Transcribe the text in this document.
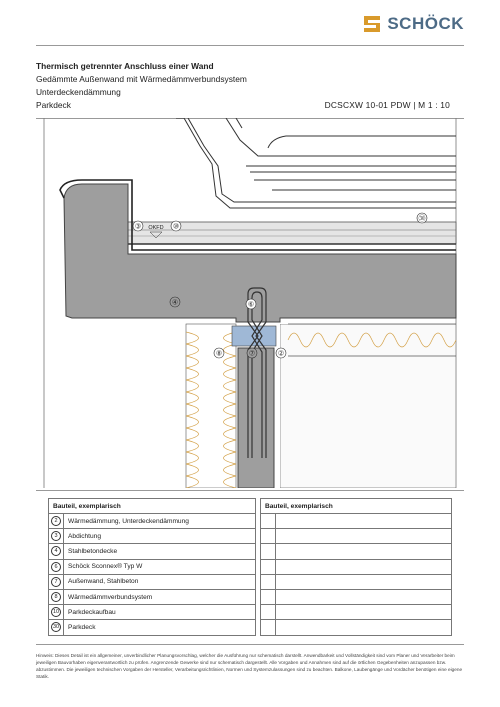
SCHÖCK
Thermisch getrennter Anschluss einer Wand
Gedämmte Außenwand mit Wärmedämmverbundsystem
Unterdeckendämmung
Parkdeck	DCSCXW 10-01 PDW | M 1 : 10
③	⑩
OKFD
㉚
④	⑥
⑧	⑦	②
Bauteil, exemplarisch	
2	Wärmedämmung, Unterdeckendämmung
3	Abdichtung
4	Stahlbetondecke
6	Schöck Sconnex® Typ W
7	Außenwand, Stahlbeton
8	Wärmedämmverbundsystem
10	Parkdeckaufbau
30	Parkdeck
Bauteil, exemplarisch	

Hinweis: Dieses Detail ist ein allgemeiner, unverbindlicher Planungsvorschlag, welcher die Ausführung nur schematisch darstellt. Anwendbarkeit und Vollständigkeit sind vom Planer und Verarbeiter beim jeweiligen Bauvorhaben eigenverantwortlich zu prüfen. Angrenzende Gewerke sind nur schematisch dargestellt. Alle Vorgaben und Annahmen sind auf die örtlichen Gegebenheiten anzupassen bzw. abzustimmen. Die jeweiligen technischen Vorgaben der Hersteller, Verarbeitungsrichtlinien, Normen und Systemzulassungen sind zu beachten. Balkone, Laubengänge und Vordächer benötigen eine eigene Statik.
